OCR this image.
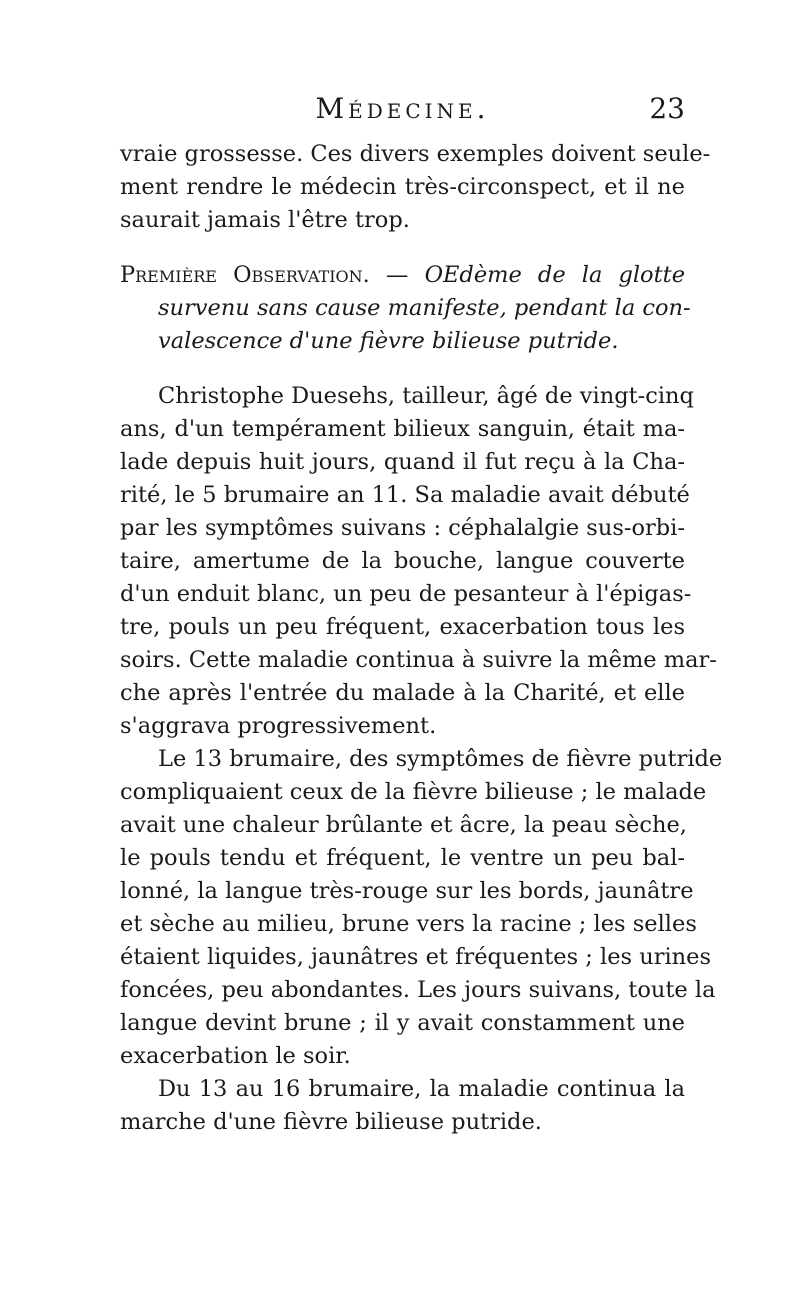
Médecine.	23
vraie grossesse. Ces divers exemples doivent seule-
ment rendre le médecin très-circonspect, et il ne
saurait jamais l'être trop.
Première Observation. — OEdème de la glotte
survenu sans cause manifeste, pendant la con-
valescence d'une fièvre bilieuse putride.
Christophe Duesehs, tailleur, âgé de vingt-cinq
ans, d'un tempérament bilieux sanguin, était ma-
lade depuis huit jours, quand il fut reçu à la Cha-
rité, le 5 brumaire an 11. Sa maladie avait débuté
par les symptômes suivans : céphalalgie sus-orbi-
taire, amertume de la bouche, langue couverte
d'un enduit blanc, un peu de pesanteur à l'épigas-
tre, pouls un peu fréquent, exacerbation tous les
soirs. Cette maladie continua à suivre la même mar-
che après l'entrée du malade à la Charité, et elle
s'aggrava progressivement.
Le 13 brumaire, des symptômes de fièvre putride
compliquaient ceux de la fièvre bilieuse ; le malade
avait une chaleur brûlante et âcre, la peau sèche,
le pouls tendu et fréquent, le ventre un peu bal-
lonné, la langue très-rouge sur les bords, jaunâtre
et sèche au milieu, brune vers la racine ; les selles
étaient liquides, jaunâtres et fréquentes ; les urines
foncées, peu abondantes. Les jours suivans, toute la
langue devint brune ; il y avait constamment une
exacerbation le soir.
Du 13 au 16 brumaire, la maladie continua la
marche d'une fièvre bilieuse putride.
